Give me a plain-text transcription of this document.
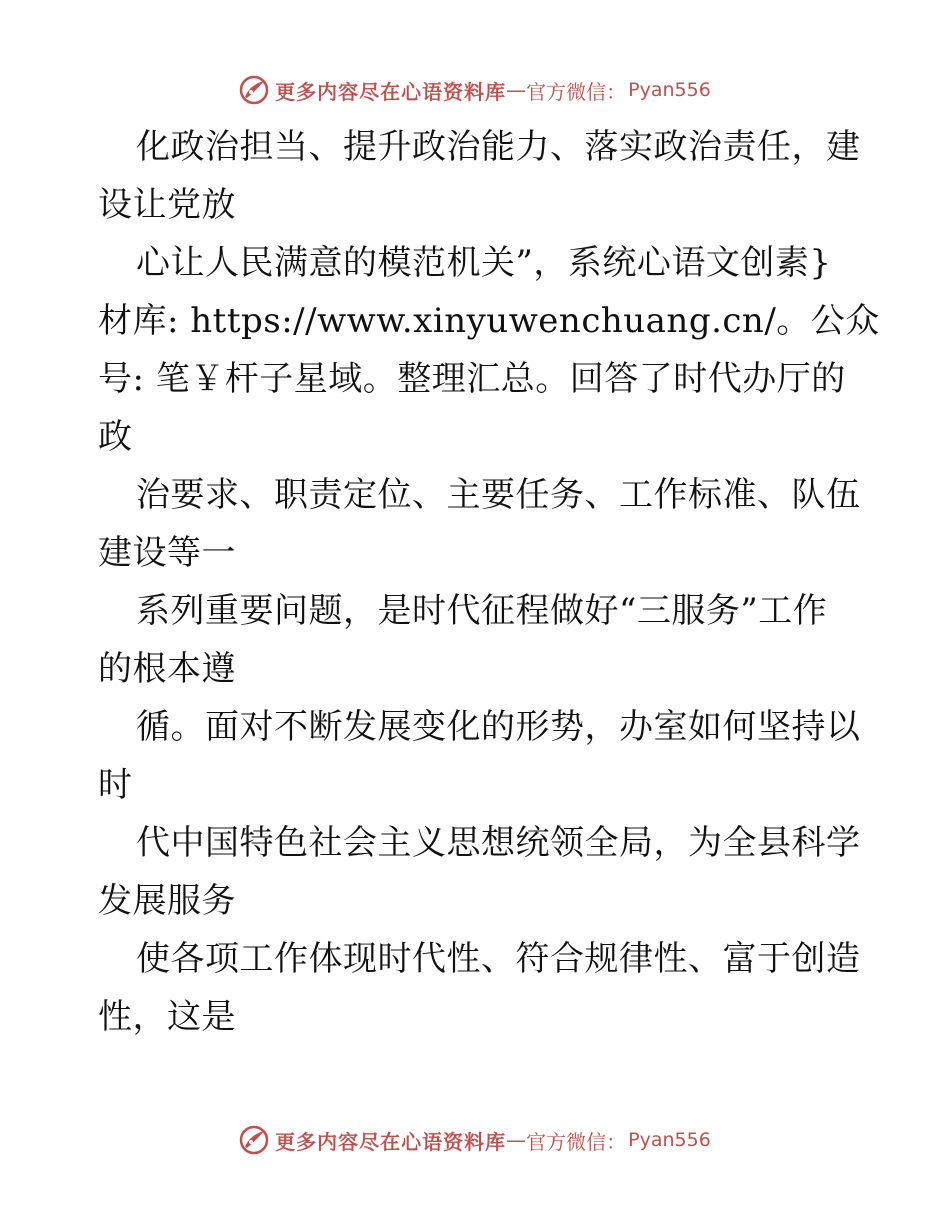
更多内容尽在心语资料库 — 官方微信： Pyan556
化政治担当、提升政治能力、落实政治责任，建
设让党放
心让人民满意的模范机关”，系统心语文创素}
材库: https://www.xinyuwenchuang.cn/。公众
号: 笔￥杆子星域。整理汇总。回答了时代办厅的
政
治要求、职责定位、主要任务、工作标准、队伍
建设等一
系列重要问题，是时代征程做好“三服务”工作
的根本遵
循。面对不断发展变化的形势，办室如何坚持以
时
代中国特色社会主义思想统领全局，为全县科学
发展服务
使各项工作体现时代性、符合规律性、富于创造
性，这是
更多内容尽在心语资料库 — 官方微信： Pyan556
